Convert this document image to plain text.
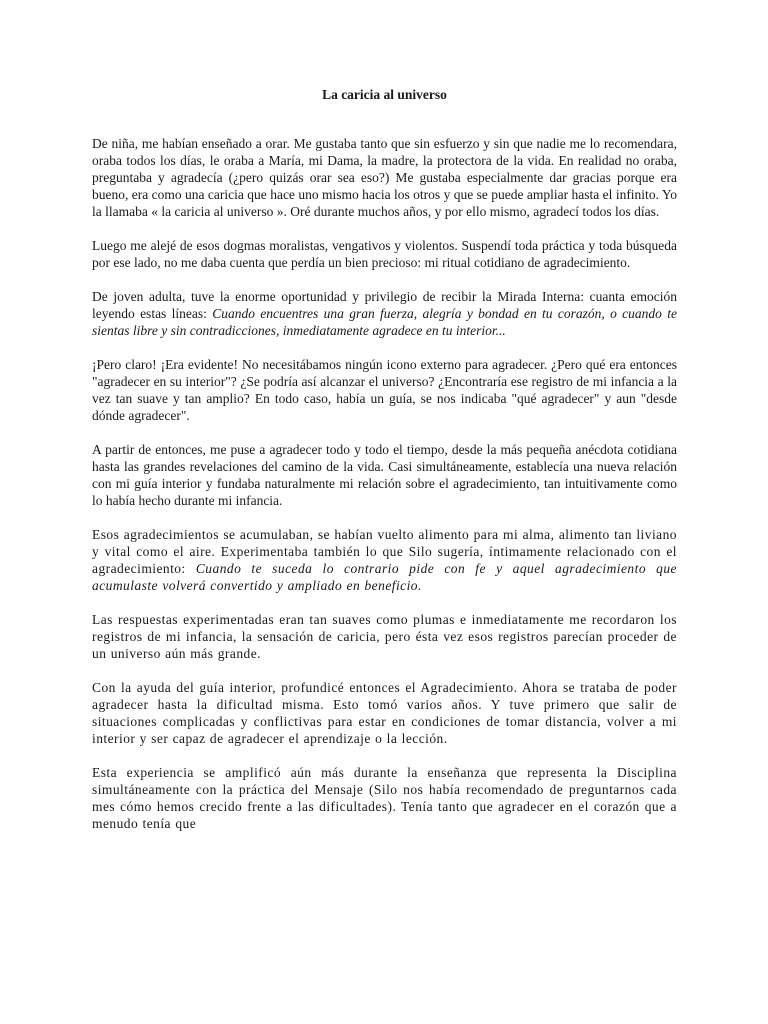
La caricia al universo

De niña, me habían enseñado a orar. Me gustaba tanto que sin esfuerzo y sin que nadie me lo recomendara, oraba todos los días, le oraba a María, mi Dama, la madre, la protectora de la vida. En realidad no oraba, preguntaba y agradecía (¿pero quizás orar sea eso?) Me gustaba especialmente dar gracias porque era bueno, era como una caricia que hace uno mismo hacia los otros y que se puede ampliar hasta el infinito. Yo la llamaba « la caricia al universo ». Oré durante muchos años, y por ello mismo, agradecí todos los días.

Luego me alejé de esos dogmas moralistas, vengativos y violentos. Suspendí toda práctica y toda búsqueda por ese lado, no me daba cuenta que perdía un bien precioso: mi ritual cotidiano de agradecimiento.

De joven adulta, tuve la enorme oportunidad y privilegio de recibir la Mirada Interna: cuanta emoción leyendo estas líneas: Cuando encuentres una gran fuerza, alegría y bondad en tu corazón, o cuando te sientas libre y sin contradicciones, inmediatamente agradece en tu interior...

¡Pero claro! ¡Era evidente! No necesitábamos ningún icono externo para agradecer. ¿Pero qué era entonces "agradecer en su interior"? ¿Se podría así alcanzar el universo? ¿Encontraría ese registro de mi infancia a la vez tan suave y tan amplio? En todo caso, había un guía, se nos indicaba "qué agradecer" y aun "desde dónde agradecer".

A partir de entonces, me puse a agradecer todo y todo el tiempo, desde la más pequeña anécdota cotidiana hasta las grandes revelaciones del camino de la vida. Casi simultáneamente, establecía una nueva relación con mi guía interior y fundaba naturalmente mi relación sobre el agradecimiento, tan intuitivamente como lo había hecho durante mi infancia.

Esos agradecimientos se acumulaban, se habían vuelto alimento para mi alma, alimento tan liviano y vital como el aire. Experimentaba también lo que Silo sugería, íntimamente relacionado con el agradecimiento: Cuando te suceda lo contrario pide con fe y aquel agradecimiento que acumulaste volverá convertido y ampliado en beneficio.

Las respuestas experimentadas eran tan suaves como plumas e inmediatamente me recordaron los registros de mi infancia, la sensación de caricia, pero ésta vez esos registros parecían proceder de un universo aún más grande.

Con la ayuda del guía interior, profundicé entonces el Agradecimiento. Ahora se trataba de poder agradecer hasta la dificultad misma. Esto tomó varios años. Y tuve primero que salir de situaciones complicadas y conflictivas para estar en condiciones de tomar distancia, volver a mi interior y ser capaz de agradecer el aprendizaje o la lección.

Esta experiencia se amplificó aún más durante la enseñanza que representa la Disciplina simultáneamente con la práctica del Mensaje (Silo nos había recomendado de preguntarnos cada mes cómo hemos crecido frente a las dificultades). Tenía tanto que agradecer en el corazón que a menudo tenía que
